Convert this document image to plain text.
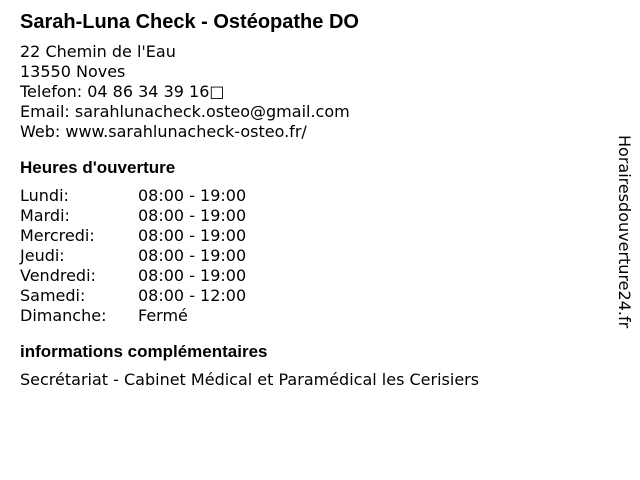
Sarah-Luna Check - Ostéopathe DO
22 Chemin de l'Eau
13550 Noves
Telefon: 04 86 34 39 16□
Email: sarahlunacheck.osteo@gmail.com
Web: www.sarahlunacheck-osteo.fr/
Heures d'ouverture
Lundi:	08:00 - 19:00
Mardi:	08:00 - 19:00
Mercredi:	08:00 - 19:00
Jeudi:	08:00 - 19:00
Vendredi:	08:00 - 19:00
Samedi:	08:00 - 12:00
Dimanche:	Fermé
informations complémentaires
Secrétariat - Cabinet Médical et Paramédical les Cerisiers
Horairesdouverture24.fr
